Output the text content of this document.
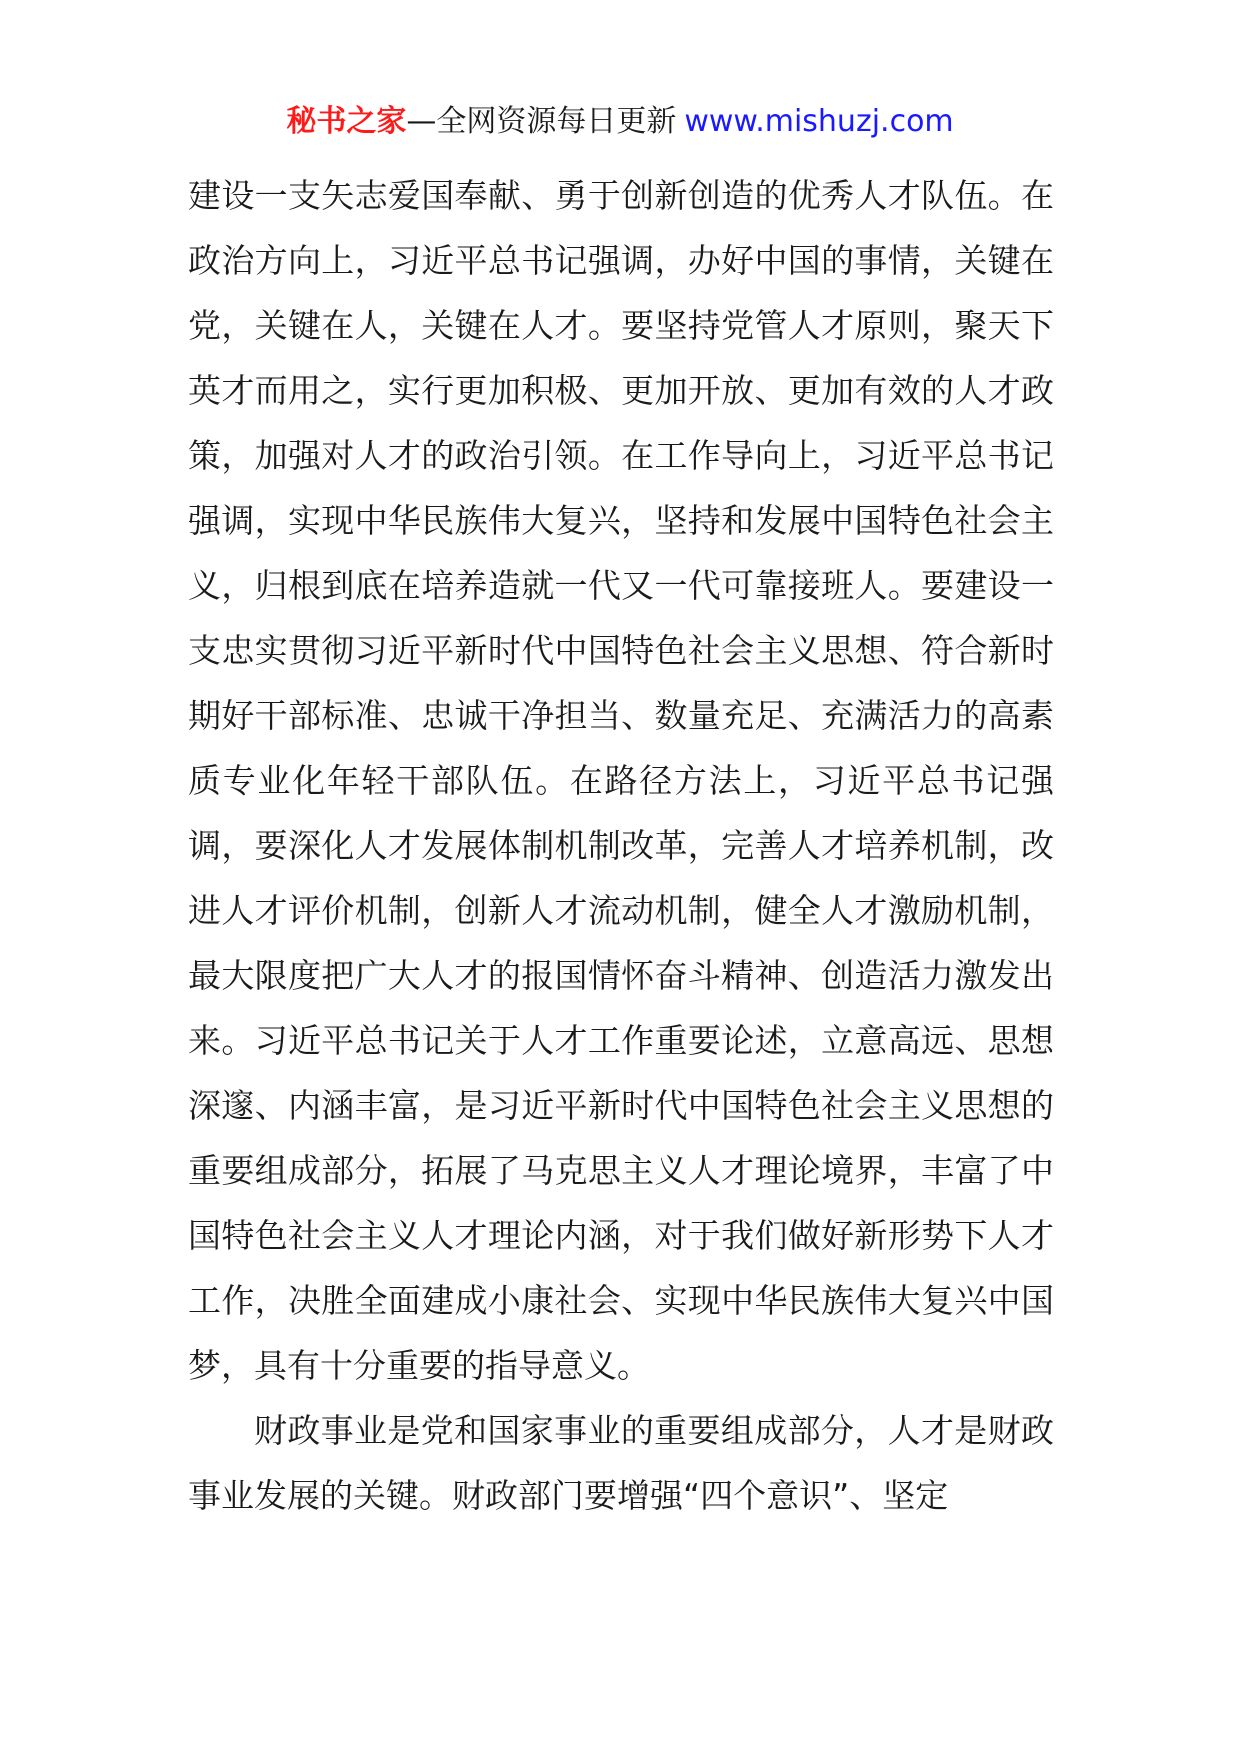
秘书之家—全网资源每日更新 www.mishuzj.com

建设一支矢志爱国奉献、勇于创新创造的优秀人才队伍。在政治方向上，习近平总书记强调，办好中国的事情，关键在党，关键在人，关键在人才。要坚持党管人才原则，聚天下英才而用之，实行更加积极、更加开放、更加有效的人才政策，加强对人才的政治引领。在工作导向上，习近平总书记强调，实现中华民族伟大复兴，坚持和发展中国特色社会主义，归根到底在培养造就一代又一代可靠接班人。要建设一支忠实贯彻习近平新时代中国特色社会主义思想、符合新时期好干部标准、忠诚干净担当、数量充足、充满活力的高素质专业化年轻干部队伍。在路径方法上，习近平总书记强调，要深化人才发展体制机制改革，完善人才培养机制，改进人才评价机制，创新人才流动机制，健全人才激励机制，最大限度把广大人才的报国情怀奋斗精神、创造活力激发出来。习近平总书记关于人才工作重要论述，立意高远、思想深邃、内涵丰富，是习近平新时代中国特色社会主义思想的重要组成部分，拓展了马克思主义人才理论境界，丰富了中国特色社会主义人才理论内涵，对于我们做好新形势下人才工作，决胜全面建成小康社会、实现中华民族伟大复兴中国梦，具有十分重要的指导意义。

财政事业是党和国家事业的重要组成部分，人才是财政事业发展的关键。财政部门要增强“四个意识”、坚定
